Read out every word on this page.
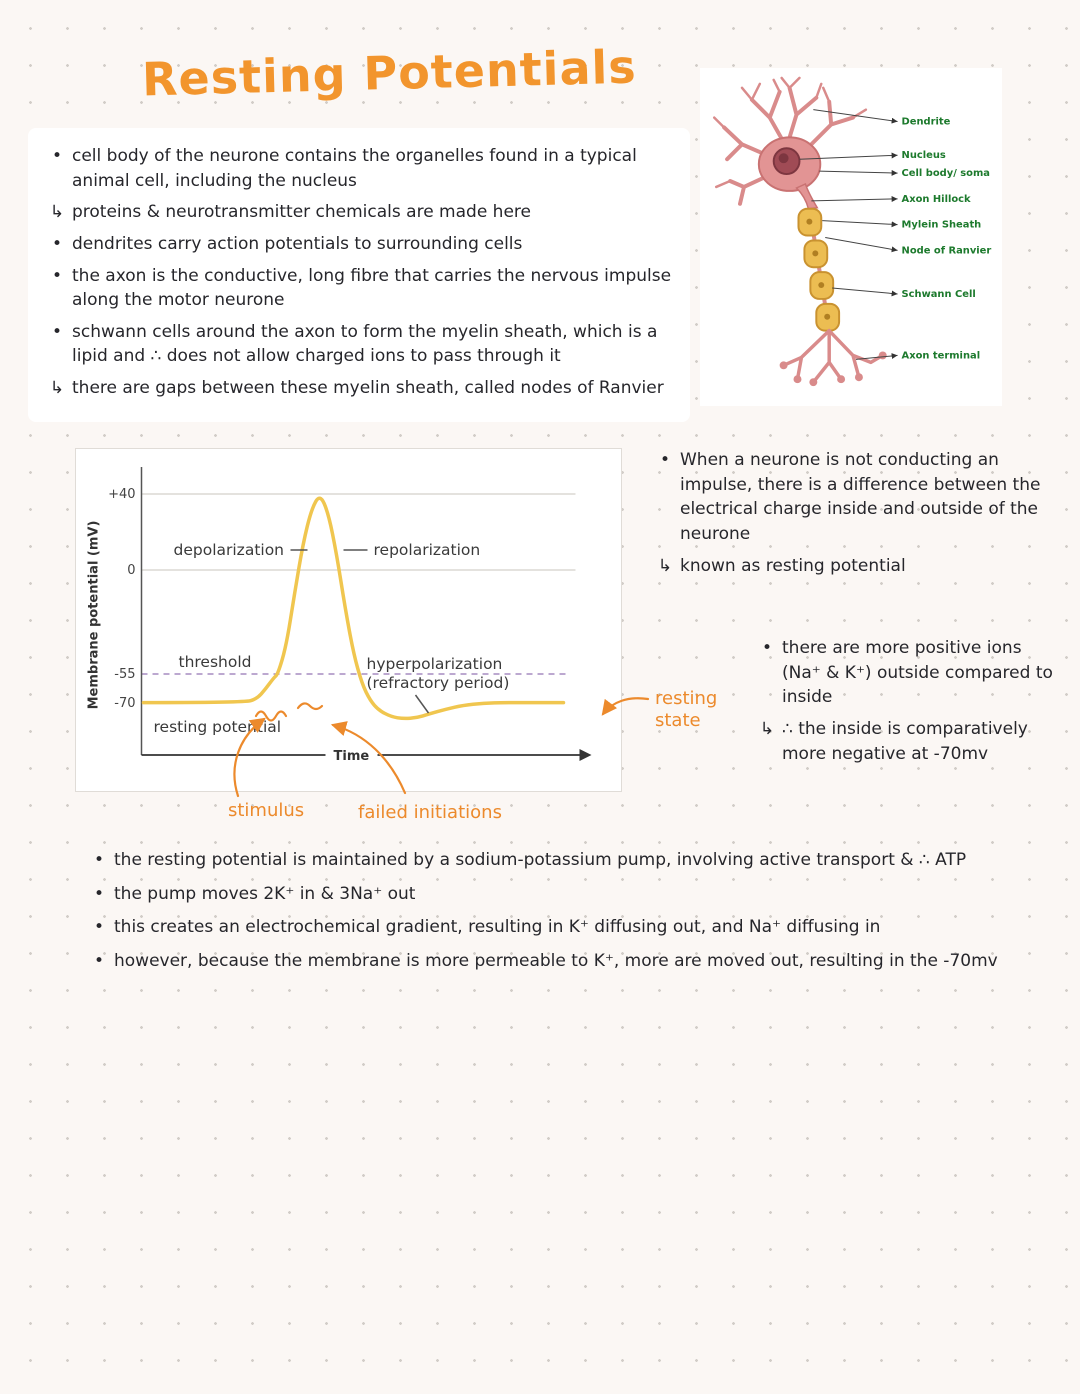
Resting Potentials
• cell body of the neurone contains the organelles found in a typical animal cell, including the nucleus
↳ proteins & neurotransmitter chemicals are made here
• dendrites carry action potentials to surrounding cells
• the axon is the conductive, long fibre that carries the nervous impulse along the motor neurone
• schwann cells around the axon to form the myelin sheath, which is a lipid and ∴ does not allow charged ions to pass through it
↳ there are gaps between these myelin sheath, called nodes of Ranvier
Dendrite
Nucleus
Cell body/ soma
Axon Hillock
Mylein Sheath
Node of Ranvier
Schwann Cell
Axon terminal
Time
Membrane potential (mV)
+40
0
-55
-70
depolarization	repolarization
threshold	hyperpolarization
(refractory period)
resting potential
resting state
stimulus	failed initiations
• When a neurone is not conducting an impulse, there is a difference between the electrical charge inside and outside of the neurone
↳ known as resting potential
• there are more positive ions (Na⁺ & K⁺) outside compared to inside
↳ ∴ the inside is comparatively more negative at -70mv
• the resting potential is maintained by a sodium-potassium pump, involving active transport & ∴ ATP
• the pump moves 2K⁺ in & 3Na⁺ out
• this creates an electrochemical gradient, resulting in K⁺ diffusing out, and Na⁺ diffusing in
• however, because the membrane is more permeable to K⁺, more are moved out, resulting in the -70mv
